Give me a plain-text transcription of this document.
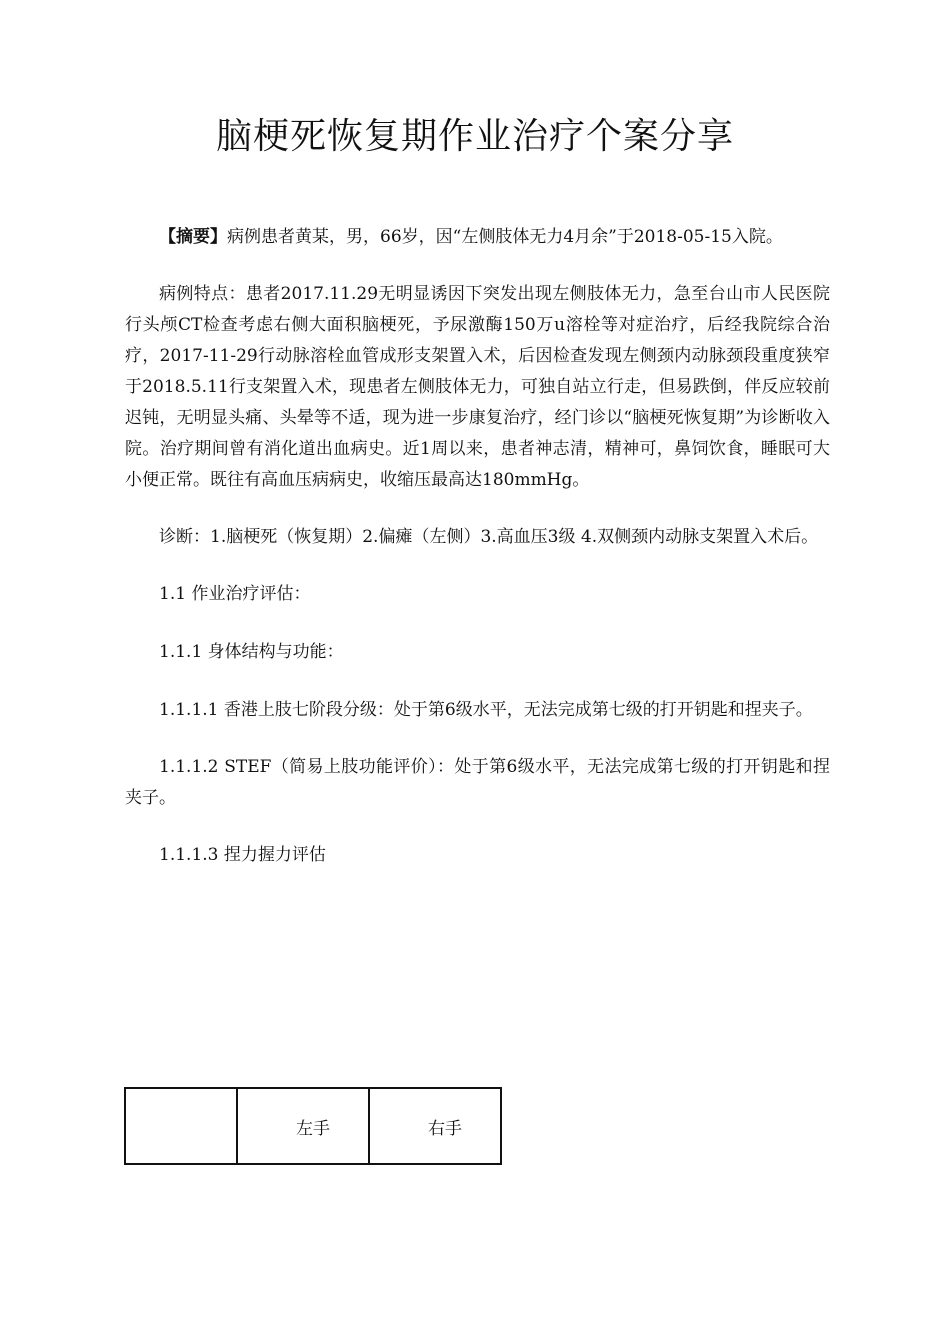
脑梗死恢复期作业治疗个案分享

【摘要】病例患者黄某，男，66岁，因“左侧肢体无力4月余”于2018-05-15入院。

病例特点：患者2017.11.29无明显诱因下突发出现左侧肢体无力，急至台山市人民医院行头颅CT检查考虑右侧大面积脑梗死，予尿激酶150万u溶栓等对症治疗，后经我院综合治疗，2017-11-29行动脉溶栓血管成形支架置入术，后因检查发现左侧颈内动脉颈段重度狭窄于2018.5.11行支架置入术，现患者左侧肢体无力，可独自站立行走，但易跌倒，伴反应较前迟钝，无明显头痛、头晕等不适，现为进一步康复治疗，经门诊以“脑梗死恢复期”为诊断收入院。治疗期间曾有消化道出血病史。近1周以来，患者神志清，精神可，鼻饲饮食，睡眠可大小便正常。既往有高血压病病史，收缩压最高达180mmHg。

诊断：1.脑梗死（恢复期）2.偏瘫（左侧）3.高血压3级 4.双侧颈内动脉支架置入术后。

1.1 作业治疗评估：

1.1.1 身体结构与功能：

1.1.1.1 香港上肢七阶段分级：处于第6级水平，无法完成第七级的打开钥匙和捏夹子。

1.1.1.2 STEF（简易上肢功能评价）：处于第6级水平，无法完成第七级的打开钥匙和捏夹子。

1.1.1.3 捏力握力评估

	左手	右手
